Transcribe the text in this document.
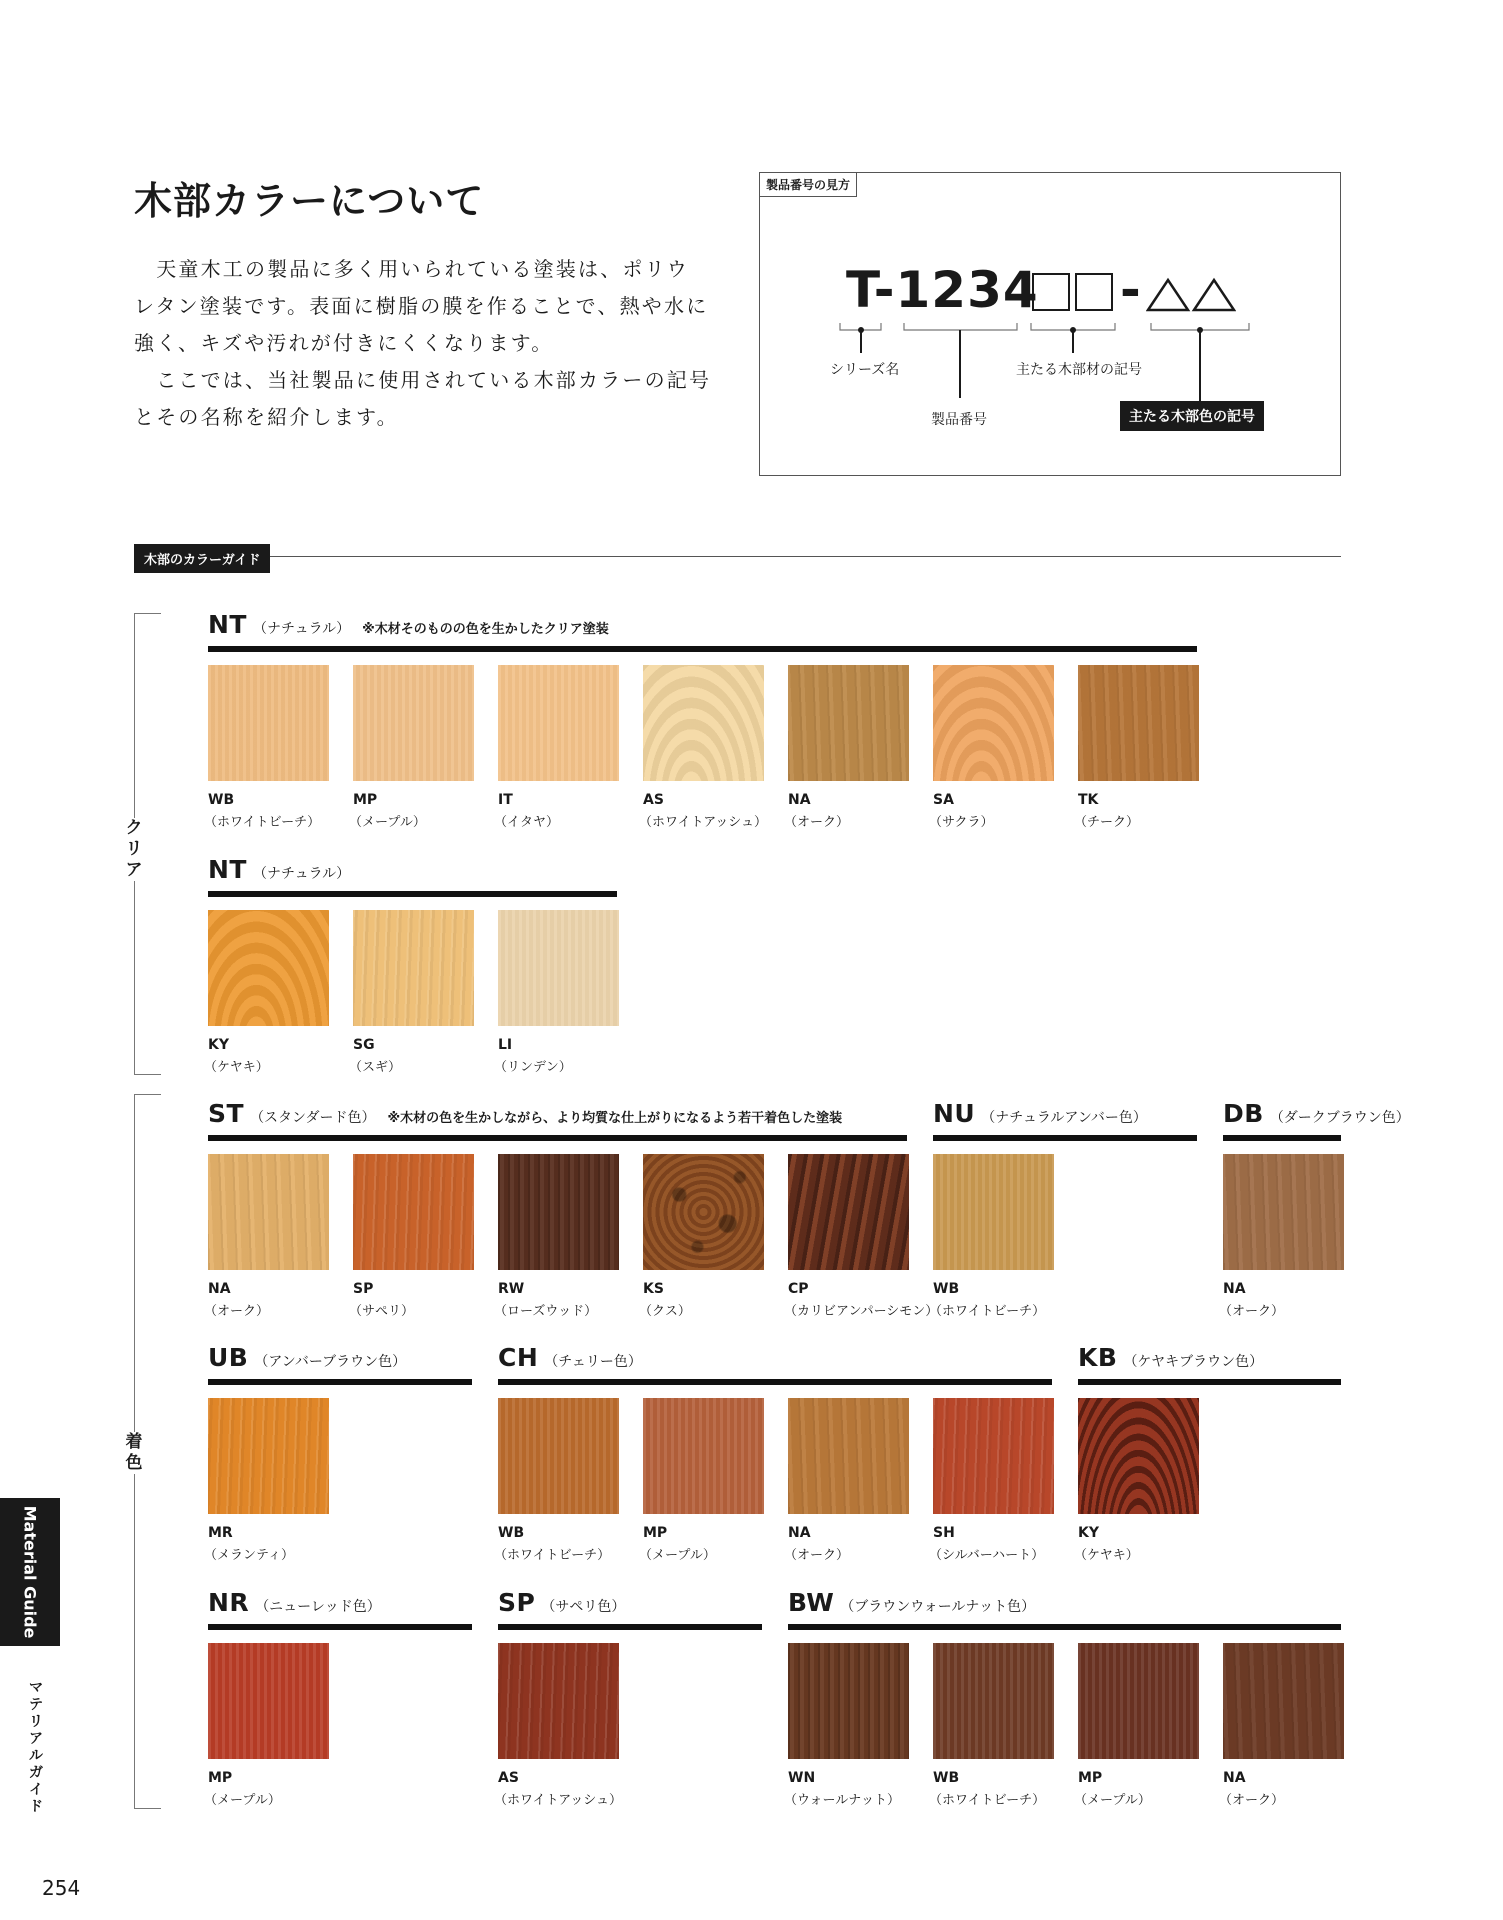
木部カラーについて
　天童木工の製品に多く用いられている塗装は、ポリウ
レタン塗装です。表面に樹脂の膜を作ることで、熱や水に
強く、キズや汚れが付きにくくなります。
　ここでは、当社製品に使用されている木部カラーの記号
とその名称を紹介します。
製品番号の見方
T-1234 -
シリーズ名
製品番号
主たる木部材の記号
主たる木部色の記号
木部のカラーガイド
ク
リ
ア
着
色
NT （ナチュラル） ※木材そのものの色を生かしたクリア塗装
WB
（ホワイトビーチ）
MP
（メープル）
IT
（イタヤ）
AS
（ホワイトアッシュ）
NA
（オーク）
SA
（サクラ）
TK
（チーク）
NT （ナチュラル）
KY
（ケヤキ）
SG
（スギ）
LI
（リンデン）
ST （スタンダード色） ※木材の色を生かしながら、より均質な仕上がりになるよう若干着色した塗装
NA
（オーク）
SP
（サペリ）
RW
（ローズウッド）
KS
（クス）
CP
（カリビアンパーシモン）
NU （ナチュラルアンバー色）
WB
（ホワイトビーチ）
DB （ダークブラウン色）
NA
（オーク）
UB （アンバーブラウン色）
MR
（メランティ）
CH （チェリー色）
WB
（ホワイトビーチ）
MP
（メープル）
NA
（オーク）
SH
（シルバーハート）
KB （ケヤキブラウン色）
KY
（ケヤキ）
NR （ニューレッド色）
MP
（メープル）
SP （サペリ色）
AS
（ホワイトアッシュ）
BW （ブラウンウォールナット色）
WN
（ウォールナット）
WB
（ホワイトビーチ）
MP
（メープル）
NA
（オーク）
Material Guide
マ
テ
リ
ア
ル
ガ
イ
ド
254
